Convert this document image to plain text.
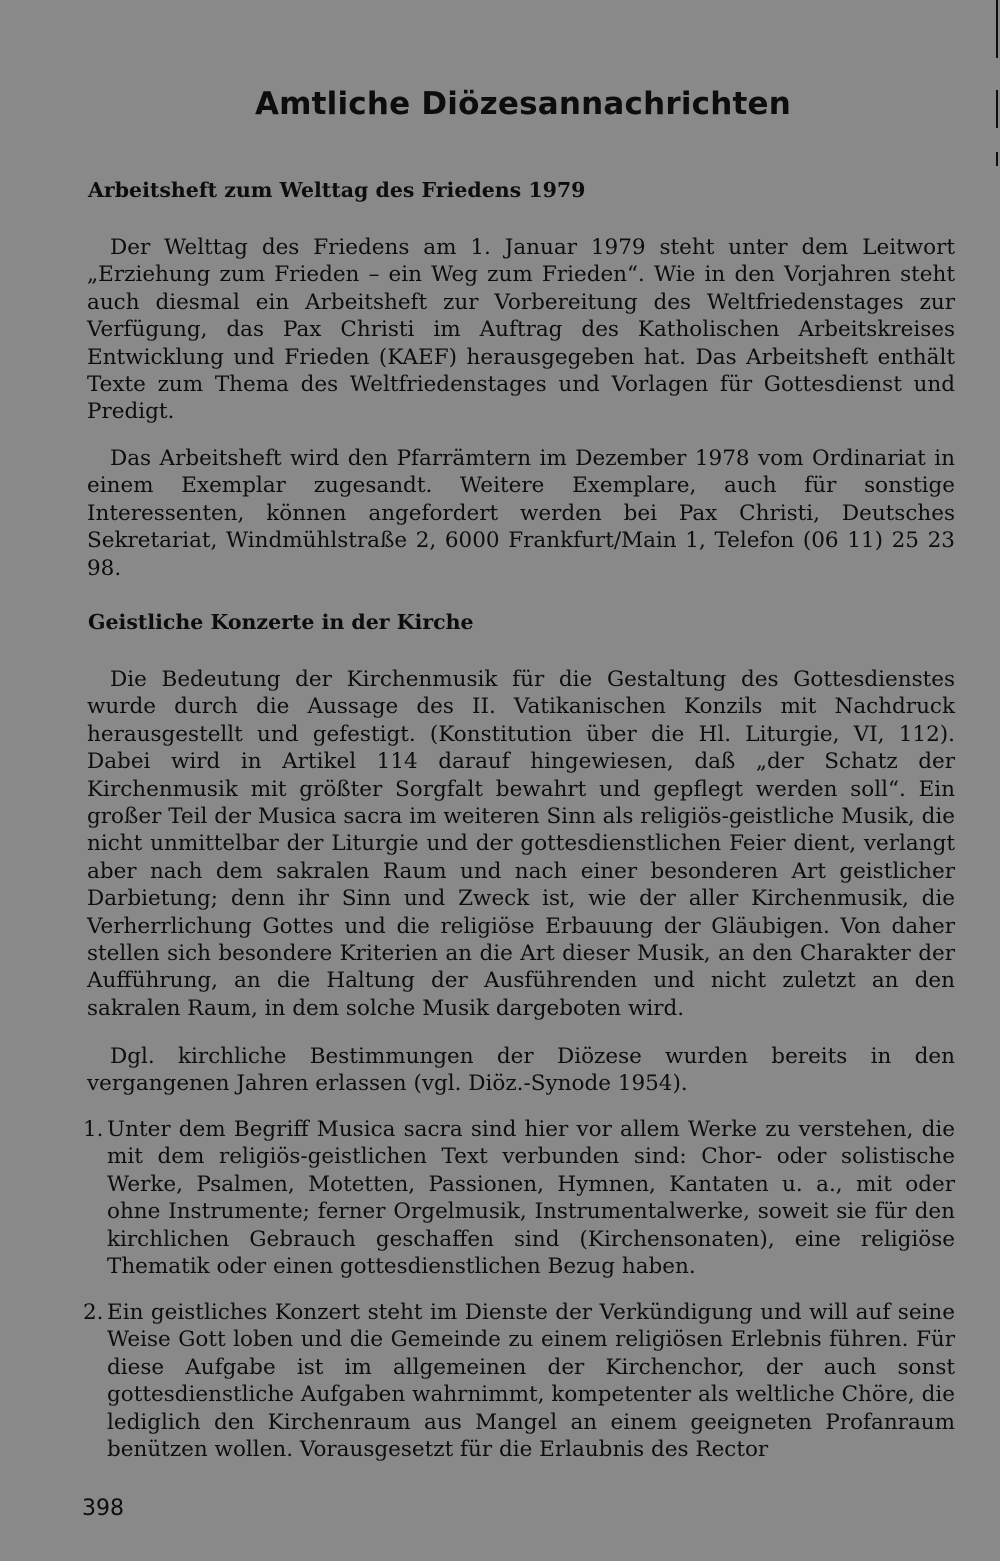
Amtliche Diözesannachrichten
Arbeitsheft zum Welttag des Friedens 1979

Der Welttag des Friedens am 1. Januar 1979 steht unter dem Leitwort „Erziehung zum Frieden – ein Weg zum Frieden“. Wie in den Vorjahren steht auch diesmal ein Arbeitsheft zur Vorbereitung des Weltfriedenstages zur Verfügung, das Pax Christi im Auftrag des Katholischen Arbeitskreises Entwicklung und Frieden (KAEF) herausgegeben hat. Das Arbeitsheft enthält Texte zum Thema des Weltfriedenstages und Vorlagen für Gottesdienst und Predigt.

Das Arbeitsheft wird den Pfarrämtern im Dezember 1978 vom Ordinariat in einem Exemplar zugesandt. Weitere Exemplare, auch für sonstige Interessenten, können angefordert werden bei Pax Christi, Deutsches Sekretariat, Windmühlstraße 2, 6000 Frankfurt/Main 1, Telefon (06 11) 25 23 98.

Geistliche Konzerte in der Kirche

Die Bedeutung der Kirchenmusik für die Gestaltung des Gottesdienstes wurde durch die Aussage des II. Vatikanischen Konzils mit Nachdruck herausgestellt und gefestigt. (Konstitution über die Hl. Liturgie, VI, 112). Dabei wird in Artikel 114 darauf hingewiesen, daß „der Schatz der Kirchenmusik mit größter Sorgfalt bewahrt und gepflegt werden soll“. Ein großer Teil der Musica sacra im weiteren Sinn als religiös-geistliche Musik, die nicht unmittelbar der Liturgie und der gottesdienstlichen Feier dient, verlangt aber nach dem sakralen Raum und nach einer besonderen Art geistlicher Darbietung; denn ihr Sinn und Zweck ist, wie der aller Kirchenmusik, die Verherrlichung Gottes und die religiöse Erbauung der Gläubigen. Von daher stellen sich besondere Kriterien an die Art dieser Musik, an den Charakter der Aufführung, an die Haltung der Ausführenden und nicht zuletzt an den sakralen Raum, in dem solche Musik dargeboten wird.

Dgl. kirchliche Bestimmungen der Diözese wurden bereits in den vergangenen Jahren erlassen (vgl. Diöz.-Synode 1954).

1. Unter dem Begriff Musica sacra sind hier vor allem Werke zu verstehen, die mit dem religiös-geistlichen Text verbunden sind: Chor- oder solistische Werke, Psalmen, Motetten, Passionen, Hymnen, Kantaten u. a., mit oder ohne Instrumente; ferner Orgelmusik, Instrumentalwerke, soweit sie für den kirchlichen Gebrauch geschaffen sind (Kirchensonaten), eine religiöse Thematik oder einen gottesdienstlichen Bezug haben.
2. Ein geistliches Konzert steht im Dienste der Verkündigung und will auf seine Weise Gott loben und die Gemeinde zu einem religiösen Erlebnis führen. Für diese Aufgabe ist im allgemeinen der Kirchenchor, der auch sonst gottesdienstliche Aufgaben wahrnimmt, kompetenter als weltliche Chöre, die lediglich den Kirchenraum aus Mangel an einem geeigneten Profanraum benützen wollen. Vorausgesetzt für die Erlaubnis des Rector

398
